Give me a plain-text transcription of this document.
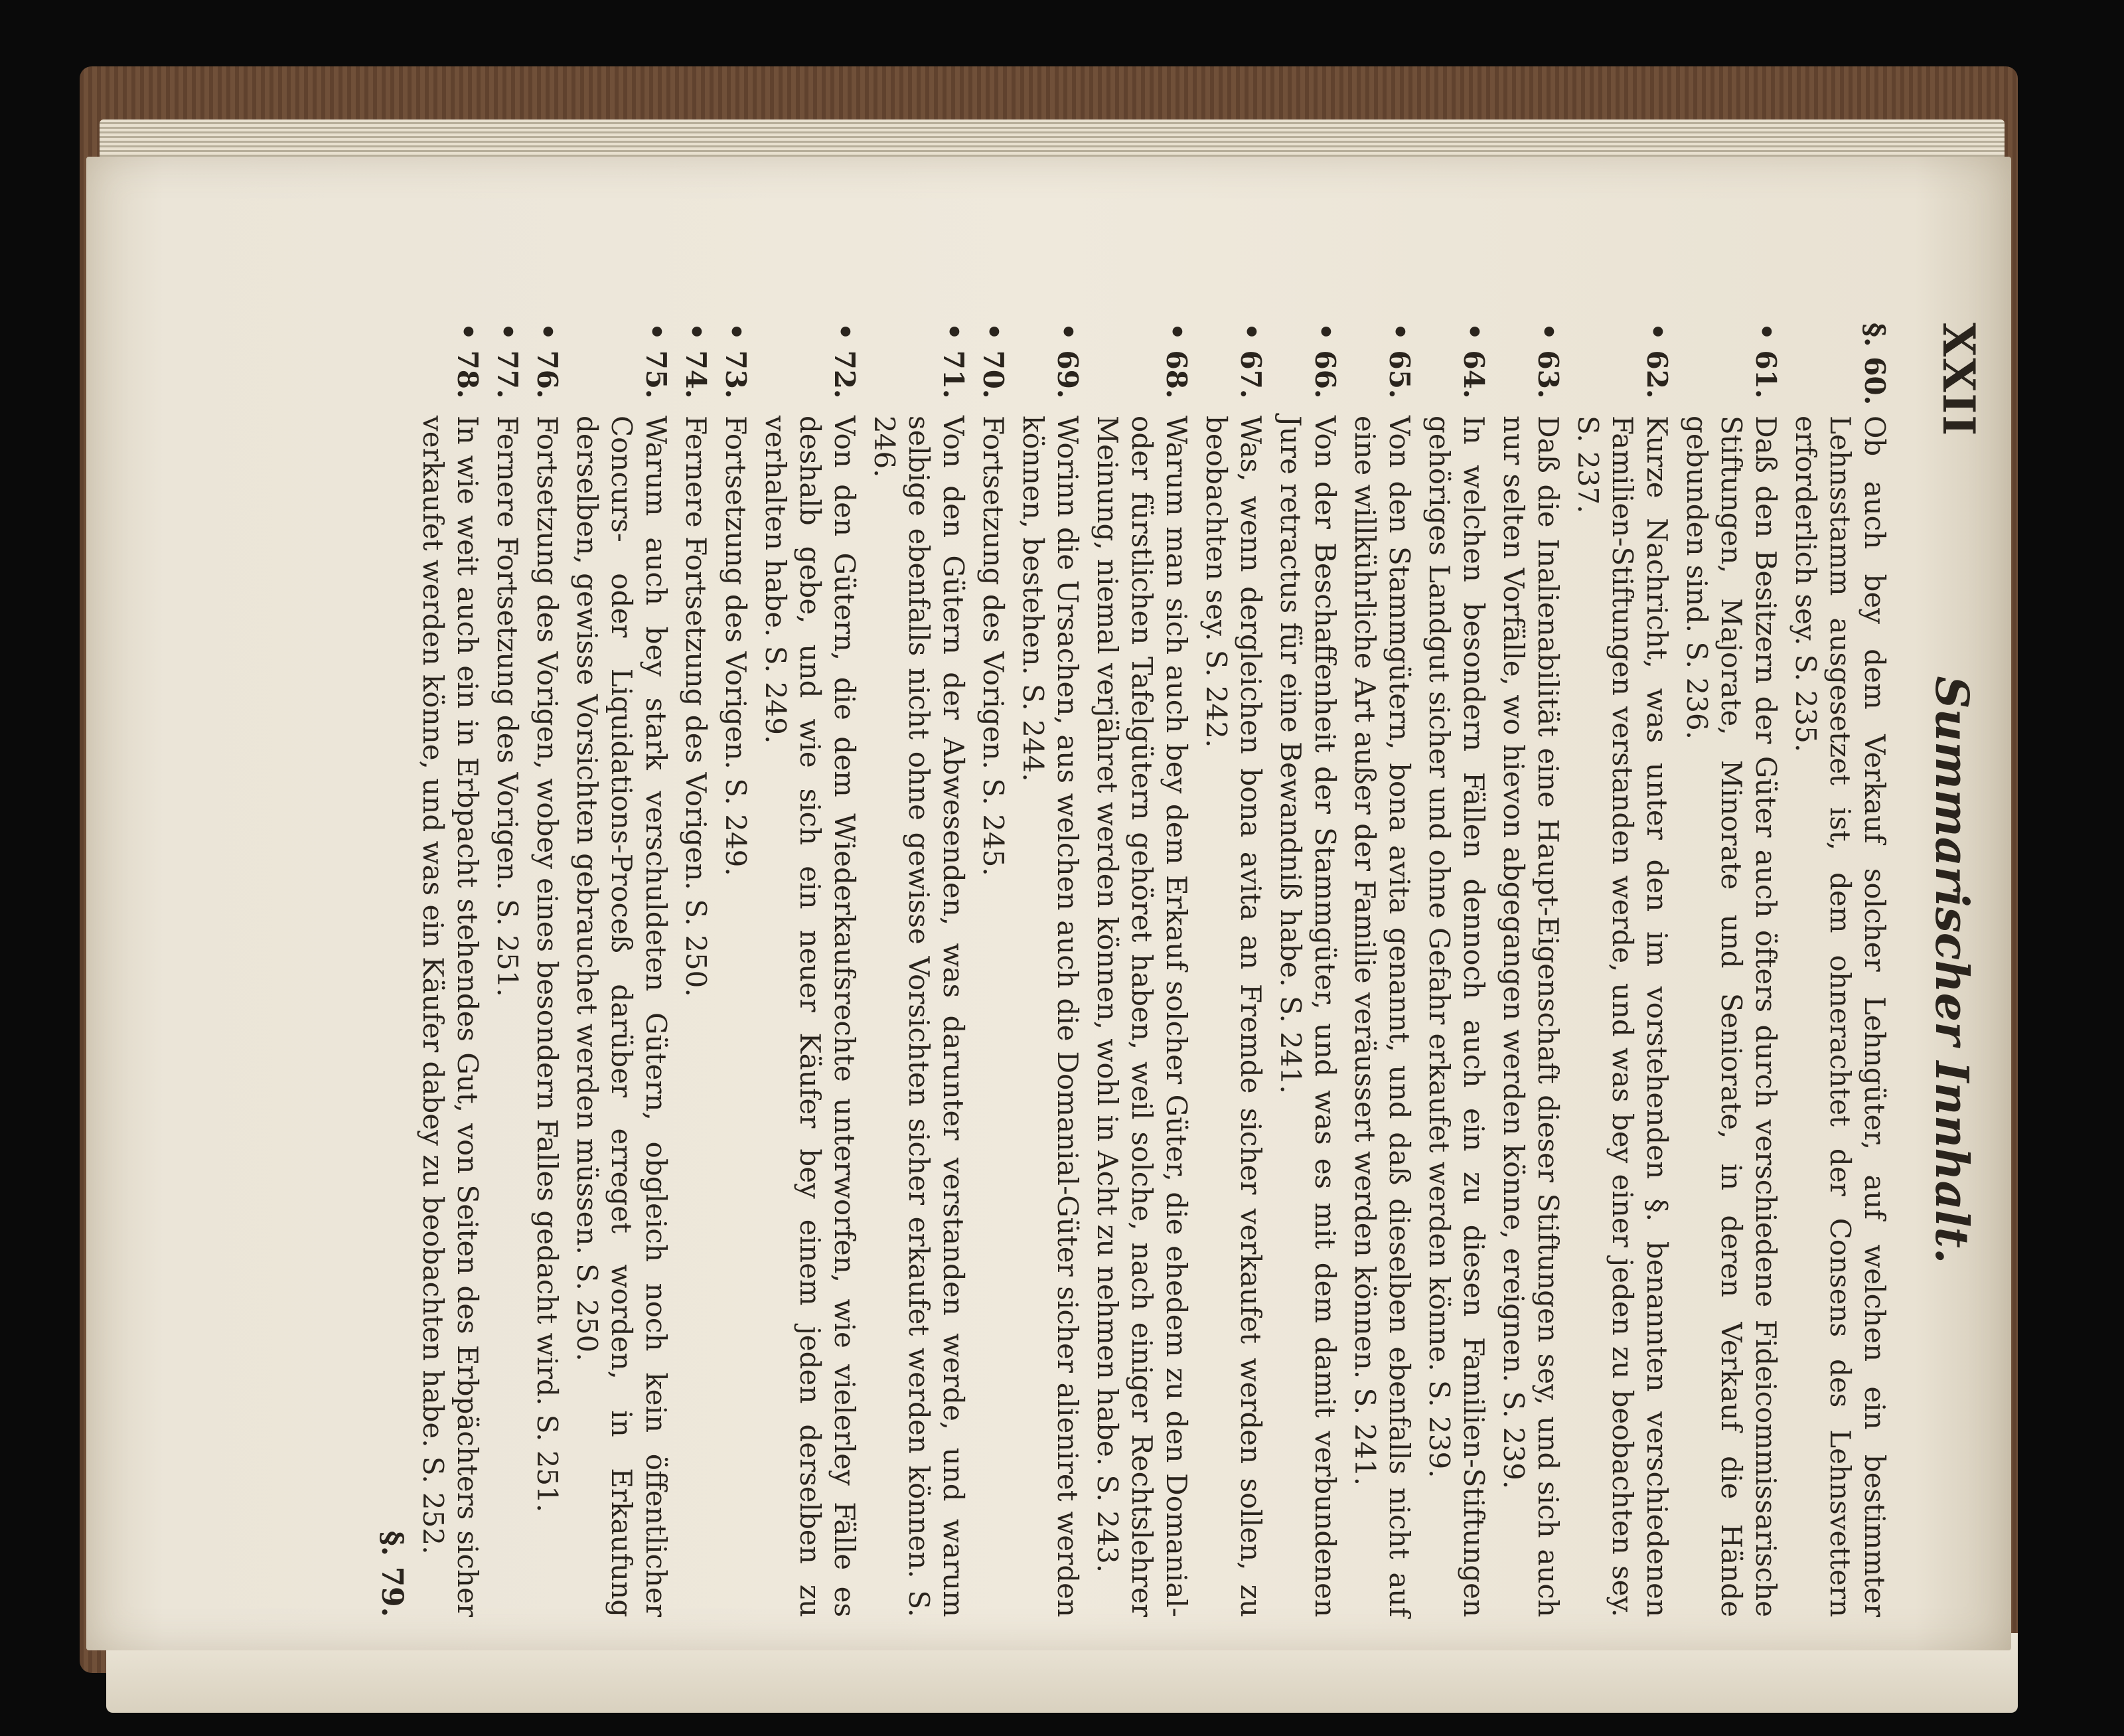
XXII
Summarischer Innhalt.
§. 60.
Ob auch bey dem Verkauf solcher Lehngüter, auf welchen ein bestimmter Lehnsstamm ausgesetzet ist, dem ohnerachtet der Consens des Lehnsvettern erforderlich sey. S. 235.
• 61.
Daß den Besitzern der Güter auch öfters durch verschiedene Fideicommissarische Stiftungen, Majorate, Minorate und Seniorate, in deren Verkauf die Hände gebunden sind. S. 236.
• 62.
Kurze Nachricht, was unter den im vorstehenden §. benannten verschiedenen Familien-Stiftungen verstanden werde, und was bey einer jeden zu beobachten sey. S. 237.
• 63.
Daß die Inalienabilität eine Haupt-Eigenschaft dieser Stiftungen sey, und sich auch nur selten Vorfälle, wo hievon abgegangen werden könne, ereignen. S. 239.
• 64.
In welchen besondern Fällen dennoch auch ein zu diesen Familien-Stiftungen gehöriges Landgut sicher und ohne Gefahr erkaufet werden könne. S. 239.
• 65.
Von den Stammgütern, bona avita genannt, und daß dieselben ebenfalls nicht auf eine willkührliche Art außer der Familie veräussert werden können. S. 241.
• 66.
Von der Beschaffenheit der Stammgüter, und was es mit dem damit verbundenen Jure retractus für eine Bewandniß habe. S. 241.
• 67.
Was, wenn dergleichen bona avita an Fremde sicher verkaufet werden sollen, zu beobachten sey. S. 242.
• 68.
Warum man sich auch bey dem Erkauf solcher Güter, die ehedem zu den Domanial- oder fürstlichen Tafelgütern gehöret haben, weil solche, nach einiger Rechtslehrer Meinung, niemal verjähret werden können, wohl in Acht zu nehmen habe. S. 243.
• 69.
Worinn die Ursachen, aus welchen auch die Domanial-Güter sicher alieniret werden können, bestehen. S. 244.
• 70.
Fortsetzung des Vorigen. S. 245.
• 71.
Von den Gütern der Abwesenden, was darunter verstanden werde, und warum selbige ebenfalls nicht ohne gewisse Vorsichten sicher erkaufet werden können. S. 246.
• 72.
Von den Gütern, die dem Wiederkaufsrechte unterworfen, wie vielerley Fälle es deshalb gebe, und wie sich ein neuer Käufer bey einem jeden derselben zu verhalten habe. S. 249.
• 73.
Fortsetzung des Vorigen. S. 249.
• 74.
Fernere Fortsetzung des Vorigen. S. 250.
• 75.
Warum auch bey stark verschuldeten Gütern, obgleich noch kein öffentlicher Concurs- oder Liquidations-Proceß darüber erreget worden, in Erkaufung derselben, gewisse Vorsichten gebrauchet werden müssen. S. 250.
• 76.
Fortsetzung des Vorigen, wobey eines besondern Falles gedacht wird. S. 251.
• 77.
Fernere Fortsetzung des Vorigen. S. 251.
• 78.
In wie weit auch ein in Erbpacht stehendes Gut, von Seiten des Erbpächters sicher verkaufet werden könne, und was ein Käufer dabey zu beobachten habe. S. 252.
§. 79.
